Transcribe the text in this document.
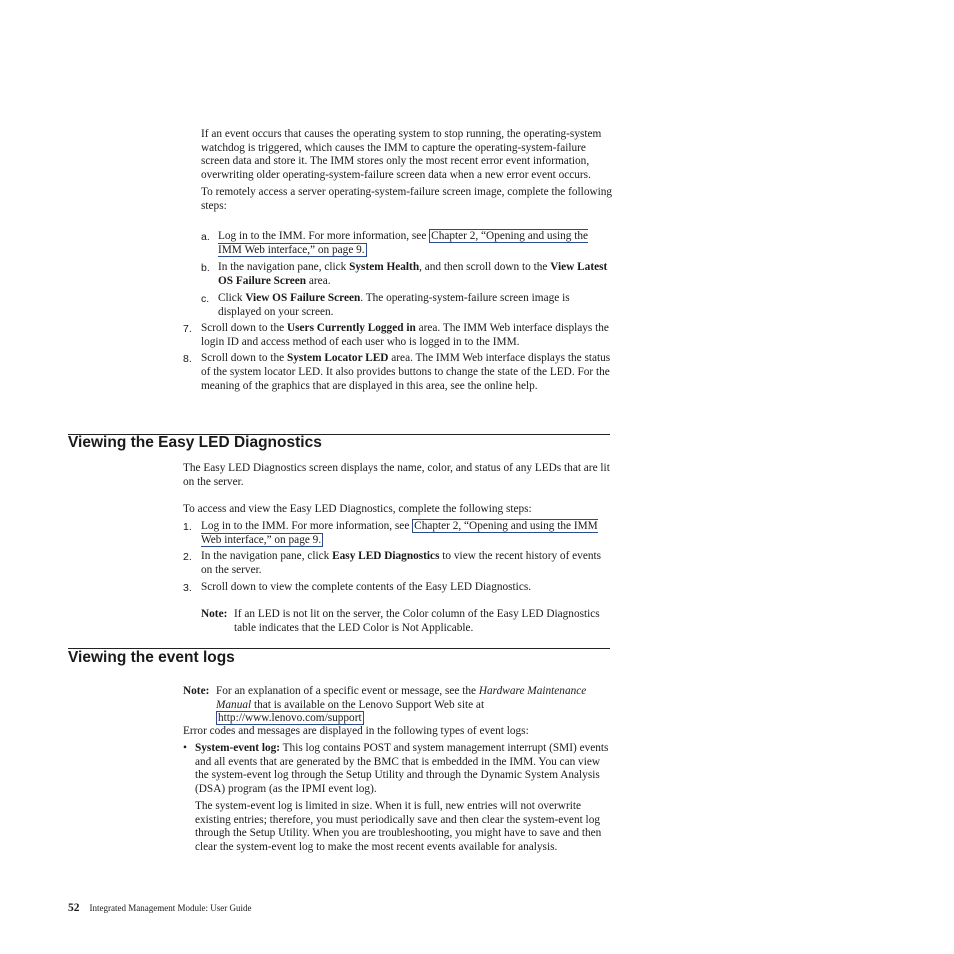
If an event occurs that causes the operating system to stop running, the operating-system watchdog is triggered, which causes the IMM to capture the operating-system-failure screen data and store it. The IMM stores only the most recent error event information, overwriting older operating-system-failure screen data when a new error event occurs.

To remotely access a server operating-system-failure screen image, complete the following steps:

a. Log in to the IMM. For more information, see Chapter 2, “Opening and using the IMM Web interface,” on page 9.
b. In the navigation pane, click System Health, and then scroll down to the View Latest OS Failure Screen area.
c. Click View OS Failure Screen. The operating-system-failure screen image is displayed on your screen.
7. Scroll down to the Users Currently Logged in area. The IMM Web interface displays the login ID and access method of each user who is logged in to the IMM.
8. Scroll down to the System Locator LED area. The IMM Web interface displays the status of the system locator LED. It also provides buttons to change the state of the LED. For the meaning of the graphics that are displayed in this area, see the online help.
Viewing the Easy LED Diagnostics

The Easy LED Diagnostics screen displays the name, color, and status of any LEDs that are lit on the server.

To access and view the Easy LED Diagnostics, complete the following steps:

1. Log in to the IMM. For more information, see Chapter 2, “Opening and using the IMM Web interface,” on page 9.
2. In the navigation pane, click Easy LED Diagnostics to view the recent history of events on the server.
3. Scroll down to view the complete contents of the Easy LED Diagnostics.
Note: If an LED is not lit on the server, the Color column of the Easy LED Diagnostics table indicates that the LED Color is Not Applicable.
Viewing the event logs
Note: For an explanation of a specific event or message, see the Hardware Maintenance Manual that is available on the Lenovo Support Web site at http://www.lenovo.com/support

Error codes and messages are displayed in the following types of event logs:

• System-event log: This log contains POST and system management interrupt (SMI) events and all events that are generated by the BMC that is embedded in the IMM. You can view the system-event log through the Setup Utility and through the Dynamic System Analysis (DSA) program (as the IPMI event log).

The system-event log is limited in size. When it is full, new entries will not overwrite existing entries; therefore, you must periodically save and then clear the system-event log through the Setup Utility. When you are troubleshooting, you might have to save and then clear the system-event log to make the most recent events available for analysis.

52 Integrated Management Module: User Guide
